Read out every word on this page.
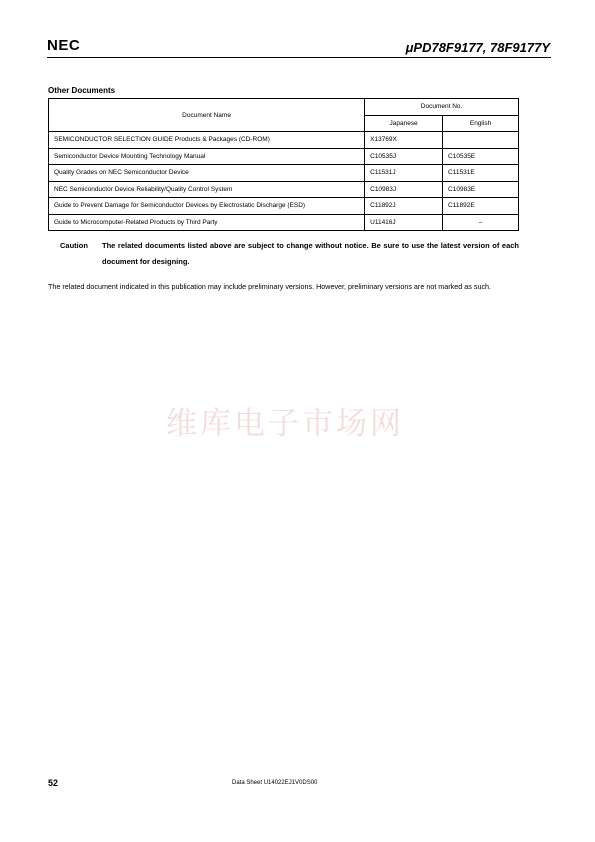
NEC	μPD78F9177, 78F9177Y
Other Documents
Document Name	Document No.	
	Japanese	English
SEMICONDUCTOR SELECTION GUIDE Products & Packages (CD-ROM)	X13769X	
Semiconductor Device Mounting Technology Manual	C10535J	C10535E
Quality Grades on NEC Semiconductor Device	C11531J	C11531E
NEC Semiconductor Device Reliability/Quality Control System	C10983J	C10983E
Guide to Prevent Damage for Semiconductor Devices by Electrostatic Discharge (ESD)	C11892J	C11892E
Guide to Microcomputer-Related Products by Third Party	U11416J	–
Caution The related documents listed above are subject to change without notice. Be sure to use the latest version of each document for designing.
The related document indicated in this publication may include preliminary versions. However, preliminary versions are not marked as such.
维库电子市场网
52	Data Sheet U14022EJ1V0DS00
